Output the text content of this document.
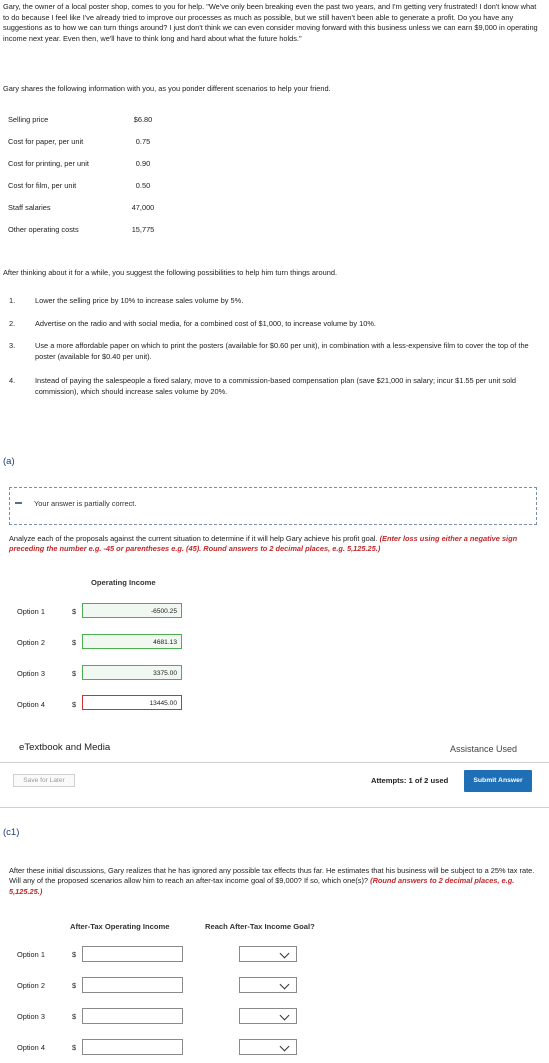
Gary, the owner of a local poster shop, comes to you for help. "We've only been breaking even the past two years, and I'm getting very frustrated! I don't know what to do because I feel like I've already tried to improve our processes as much as possible, but we still haven't been able to generate a profit. Do you have any suggestions as to how we can turn things around? I just don't think we can even consider moving forward with this business unless we can earn $9,000 in operating income next year. Even then, we'll have to think long and hard about what the future holds."
Gary shares the following information with you, as you ponder different scenarios to help your friend.
Selling price	$6.80
Cost for paper, per unit	0.75
Cost for printing, per unit	0.90
Cost for film, per unit	0.50
Staff salaries	47,000
Other operating costs	15,775
After thinking about it for a while, you suggest the following possibilities to help him turn things around.
1.	Lower the selling price by 10% to increase sales volume by 5%.
2.	Advertise on the radio and with social media, for a combined cost of $1,000, to increase volume by 10%.
3.	Use a more affordable paper on which to print the posters (available for $0.60 per unit), in combination with a less-expensive film to cover the top of the poster (available for $0.40 per unit).
4.	Instead of paying the salespeople a fixed salary, move to a commission-based compensation plan (save $21,000 in salary; incur $1.55 per unit sold commission), which should increase sales volume by 20%.
(a)
Your answer is partially correct.
Analyze each of the proposals against the current situation to determine if it will help Gary achieve his profit goal. (Enter loss using either a negative sign preceding the number e.g. -45 or parentheses e.g. (45). Round answers to 2 decimal places, e.g. 5,125.25.)
Operating Income
Option 1	$	-6500.25
Option 2	$	4681.13
Option 3	$	3375.00
Option 4	$	13445.00
eTextbook and Media	Assistance Used
Save for Later	Attempts: 1 of 2 used	Submit Answer
(c1)
After these initial discussions, Gary realizes that he has ignored any possible tax effects thus far. He estimates that his business will be subject to a 25% tax rate. Will any of the proposed scenarios allow him to reach an after-tax income goal of $9,000? If so, which one(s)? (Round answers to 2 decimal places, e.g. 5,125.25.)
After-Tax Operating Income	Reach After-Tax Income Goal?
Option 1	$
Option 2	$
Option 3	$
Option 4	$
